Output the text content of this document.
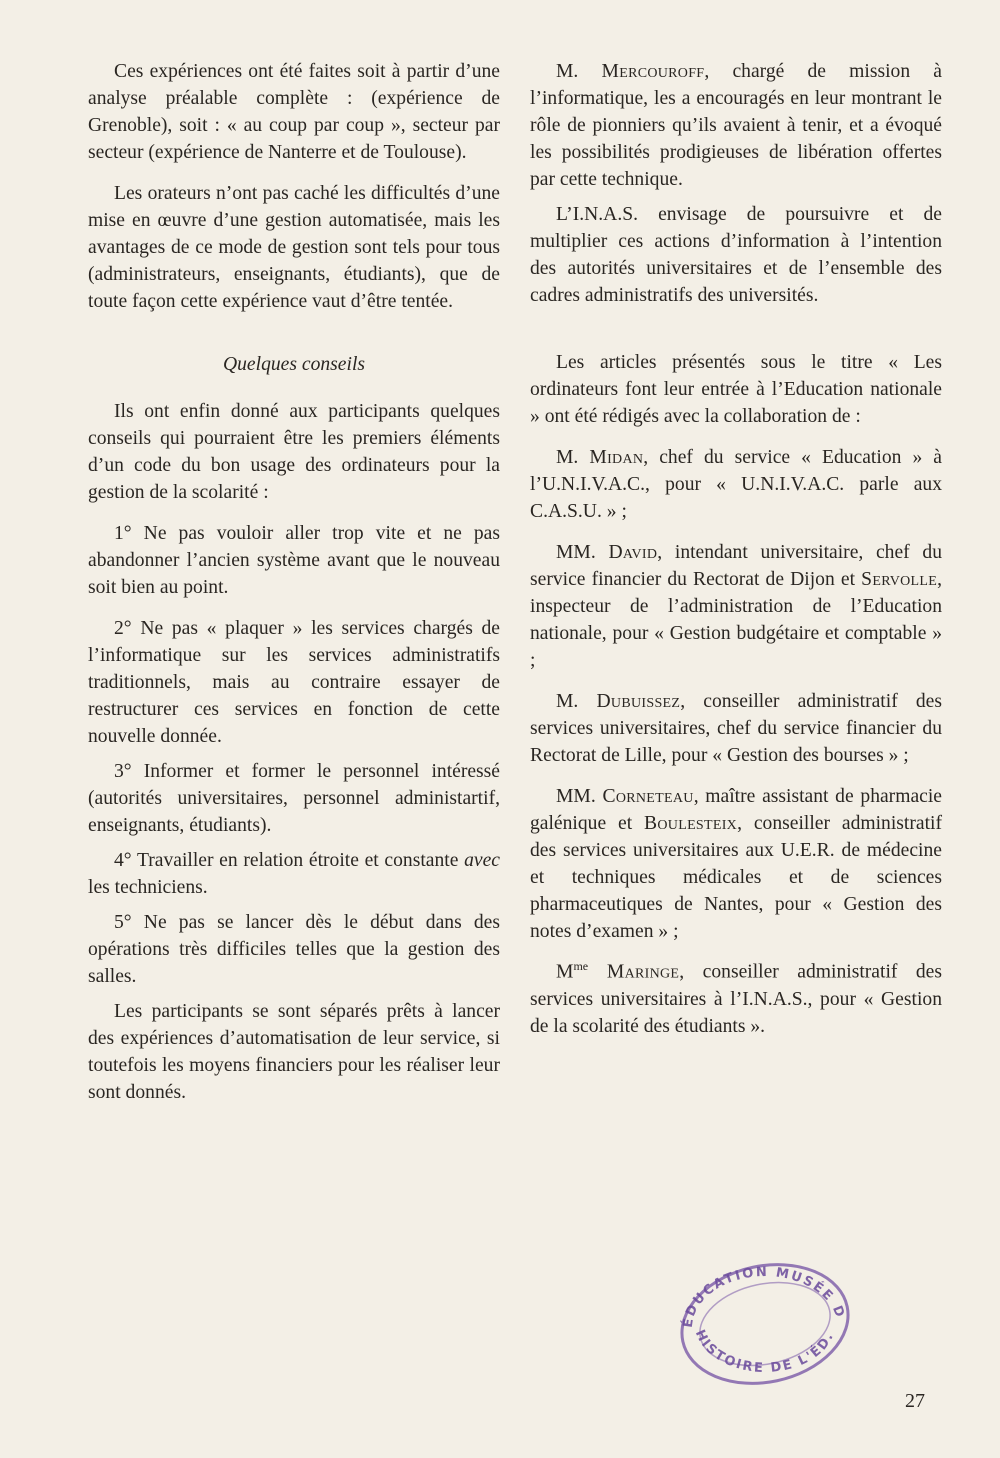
Ces expériences ont été faites soit à partir d’une analyse préalable complète : (expérience de Grenoble), soit : « au coup par coup », secteur par secteur (expérience de Nanterre et de Toulouse).

Les orateurs n’ont pas caché les difficultés d’une mise en œuvre d’une gestion automatisée, mais les avantages de ce mode de gestion sont tels pour tous (administrateurs, enseignants, étudiants), que de toute façon cette expérience vaut d’être tentée.

Quelques conseils

Ils ont enfin donné aux participants quelques conseils qui pourraient être les premiers éléments d’un code du bon usage des ordinateurs pour la gestion de la scolarité :

1° Ne pas vouloir aller trop vite et ne pas abandonner l’ancien système avant que le nouveau soit bien au point.

2° Ne pas « plaquer » les services chargés de l’informatique sur les services administratifs traditionnels, mais au contraire essayer de restructurer ces services en fonction de cette nouvelle donnée.

3° Informer et former le personnel intéressé (autorités universitaires, personnel administartif, enseignants, étudiants).

4° Travailler en relation étroite et constante avec les techniciens.

5° Ne pas se lancer dès le début dans des opérations très difficiles telles que la gestion des salles.

Les participants se sont séparés prêts à lancer des expériences d’automatisation de leur service, si toutefois les moyens financiers pour les réaliser leur sont donnés.

M. Mercouroff, chargé de mission à l’informatique, les a encouragés en leur montrant le rôle de pionniers qu’ils avaient à tenir, et a évoqué les possibilités prodigieuses de libération offertes par cette technique.

L’I.N.A.S. envisage de poursuivre et de multiplier ces actions d’information à l’intention des autorités universitaires et de l’ensemble des cadres administratifs des universités.

Les articles présentés sous le titre « Les ordinateurs font leur entrée à l’Education nationale » ont été rédigés avec la collaboration de :

M. Midan, chef du service « Education » à l’U.N.I.V.A.C., pour « U.N.I.V.A.C. parle aux C.A.S.U. » ;

MM. David, intendant universitaire, chef du service financier du Rectorat de Dijon et Servolle, inspecteur de l’administration de l’Education nationale, pour « Gestion budgétaire et comptable » ;

M. Dubuissez, conseiller administratif des services universitaires, chef du service financier du Rectorat de Lille, pour « Gestion des bourses » ;

MM. Corneteau, maître assistant de pharmacie galénique et Boulesteix, conseiller administratif des services universitaires aux U.E.R. de médecine et techniques médicales et de sciences pharmaceutiques de Nantes, pour « Gestion des notes d’examen » ;

$M^{me}$ Maringe, conseiller administratif des services universitaires à l’I.N.A.S., pour « Gestion de la scolarité des étudiants ».

ÉDUCATION MUSÉE D
HISTOIRE DE L'ÉD.
27
